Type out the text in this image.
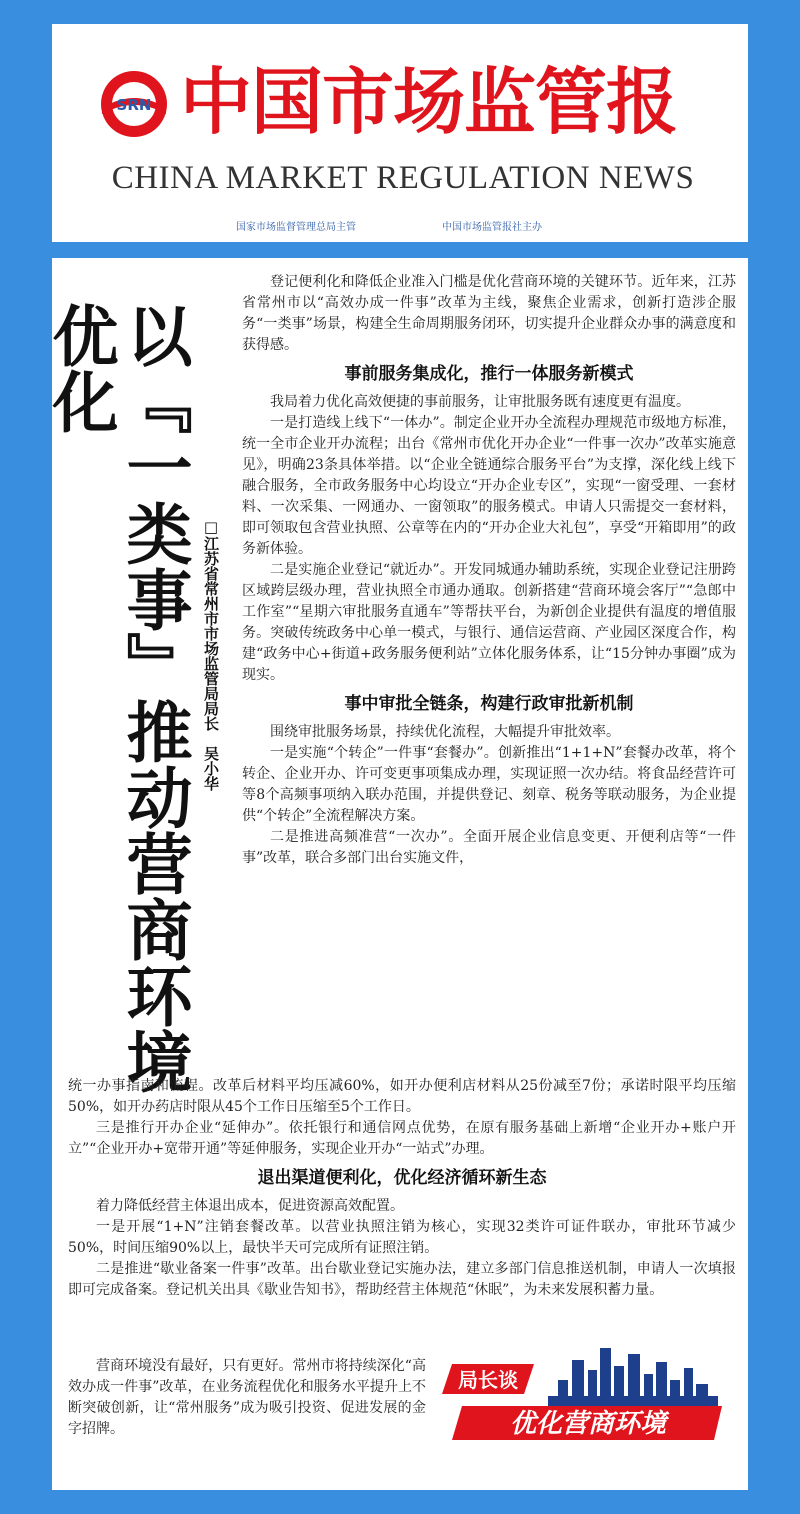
SRN 中国市场监管报
CHINA MARKET REGULATION NEWS
国家市场监督管理总局主管	中国市场监管报社主办
以『一类事』推动营商环境优化
□江苏省常州市市场监管局局长　吴小华

登记便利化和降低企业准入门槛是优化营商环境的关键环节。近年来，江苏省常州市以“高效办成一件事”改革为主线，聚焦企业需求，创新打造涉企服务“一类事”场景，构建全生命周期服务闭环，切实提升企业群众办事的满意度和获得感。

事前服务集成化，推行一体服务新模式

我局着力优化高效便捷的事前服务，让审批服务既有速度更有温度。

一是打造线上线下“一体办”。制定企业开办全流程办理规范市级地方标准，统一全市企业开办流程；出台《常州市优化开办企业“一件事一次办”改革实施意见》，明确23条具体举措。以“企业全链通综合服务平台”为支撑，深化线上线下融合服务，全市政务服务中心均设立“开办企业专区”，实现“一窗受理、一套材料、一次采集、一网通办、一窗领取”的服务模式。申请人只需提交一套材料，即可领取包含营业执照、公章等在内的“开办企业大礼包”，享受“开箱即用”的政务新体验。

二是实施企业登记“就近办”。开发同城通办辅助系统，实现企业登记注册跨区域跨层级办理，营业执照全市通办通取。创新搭建“营商环境会客厅”“急郎中工作室”“星期六审批服务直通车”等帮扶平台，为新创企业提供有温度的增值服务。突破传统政务中心单一模式，与银行、通信运营商、产业园区深度合作，构建“政务中心+街道+政务服务便利站”立体化服务体系，让“15分钟办事圈”成为现实。

事中审批全链条，构建行政审批新机制

围绕审批服务场景，持续优化流程，大幅提升审批效率。

一是实施“个转企”一件事“套餐办”。创新推出“1+1+N”套餐办改革，将个转企、企业开办、许可变更事项集成办理，实现证照一次办结。将食品经营许可等8个高频事项纳入联办范围，并提供登记、刻章、税务等联动服务，为企业提供“个转企”全流程解决方案。

二是推进高频准营“一次办”。全面开展企业信息变更、开便利店等“一件事”改革，联合多部门出台实施文件，

统一办事指南和流程。改革后材料平均压减60%，如开办便利店材料从25份减至7份；承诺时限平均压缩50%，如开办药店时限从45个工作日压缩至5个工作日。

三是推行开办企业“延伸办”。依托银行和通信网点优势，在原有服务基础上新增“企业开办+账户开立”“企业开办+宽带开通”等延伸服务，实现企业开办“一站式”办理。

退出渠道便利化，优化经济循环新生态

着力降低经营主体退出成本，促进资源高效配置。

一是开展“1+N”注销套餐改革。以营业执照注销为核心，实现32类许可证件联办，审批环节减少50%，时间压缩90%以上，最快半天可完成所有证照注销。

二是推进“歇业备案一件事”改革。出台歇业登记实施办法，建立多部门信息推送机制，申请人一次填报即可完成备案。登记机关出具《歇业告知书》，帮助经营主体规范“休眠”，为未来发展积蓄力量。

营商环境没有最好，只有更好。常州市将持续深化“高效办成一件事”改革，在业务流程优化和服务水平提升上不断突破创新，让“常州服务”成为吸引投资、促进发展的金字招牌。

局长谈
优化营商环境
